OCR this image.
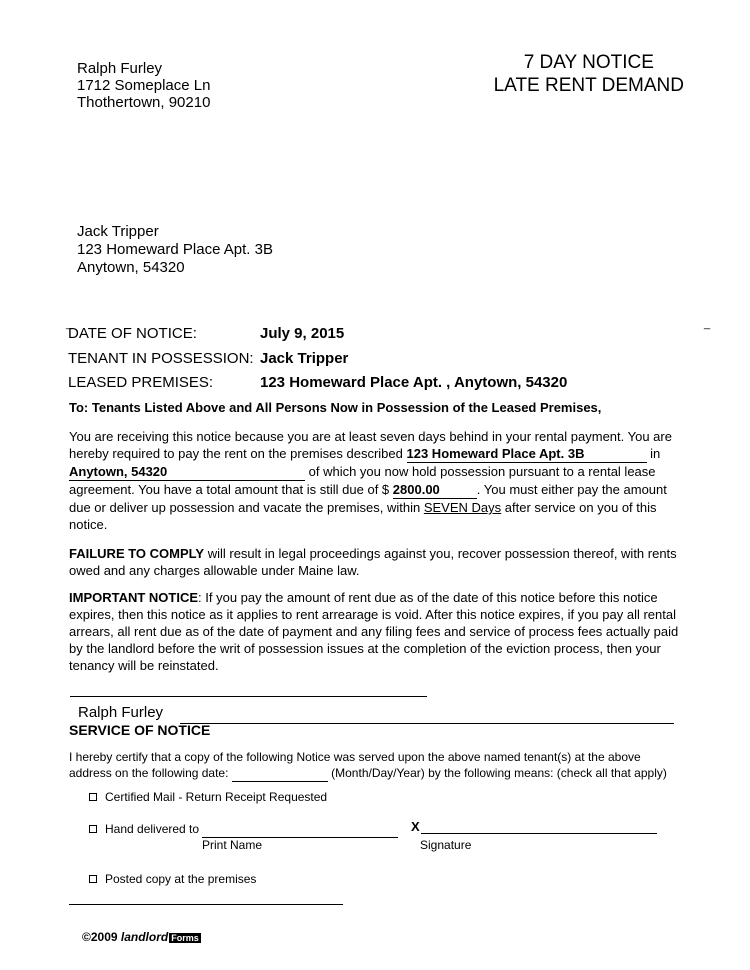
Ralph Furley
1712 Someplace Ln
Thothertown, 90210
7 DAY NOTICE
LATE RENT DEMAND
Jack Tripper
123 Homeward Place Apt. 3B
Anytown, 54320
_	_
DATE OF NOTICE:	July 9, 2015
TENANT IN POSSESSION: Jack Tripper
LEASED PREMISES:	123 Homeward Place Apt. , Anytown, 54320
To: Tenants Listed Above and All Persons Now in Possession of the Leased Premises,

You are receiving this notice because you are at least seven days behind in your rental payment. You are hereby required to pay the rent on the premises described 123 Homeward Place Apt. 3B	in Anytown, 54320	of which you now hold possession pursuant to a rental lease agreement. You have a total amount that is still due of $ 2800.00	. You must either pay the amount due or deliver up possession and vacate the premises, within SEVEN Days after service on you of this notice.

FAILURE TO COMPLY will result in legal proceedings against you, recover possession thereof, with rents owed and any charges allowable under Maine law.

IMPORTANT NOTICE: If you pay the amount of rent due as of the date of this notice before this notice expires, then this notice as it applies to rent arrearage is void. After this notice expires, if you pay all rental arrears, all rent due as of the date of payment and any filing fees and service of process fees actually paid by the landlord before the writ of possession issues at the completion of the eviction process, then your tenancy will be reinstated.

Ralph Furley
SERVICE OF NOTICE
I hereby certify that a copy of the following Notice was served upon the above named tenant(s) at the above
address on the following date:	(Month/Day/Year) by the following means: (check all that apply)
Certified Mail - Return Receipt Requested
Hand delivered to	X
Print Name	Signature
Posted copy at the premises
©2009 landlord Forms
